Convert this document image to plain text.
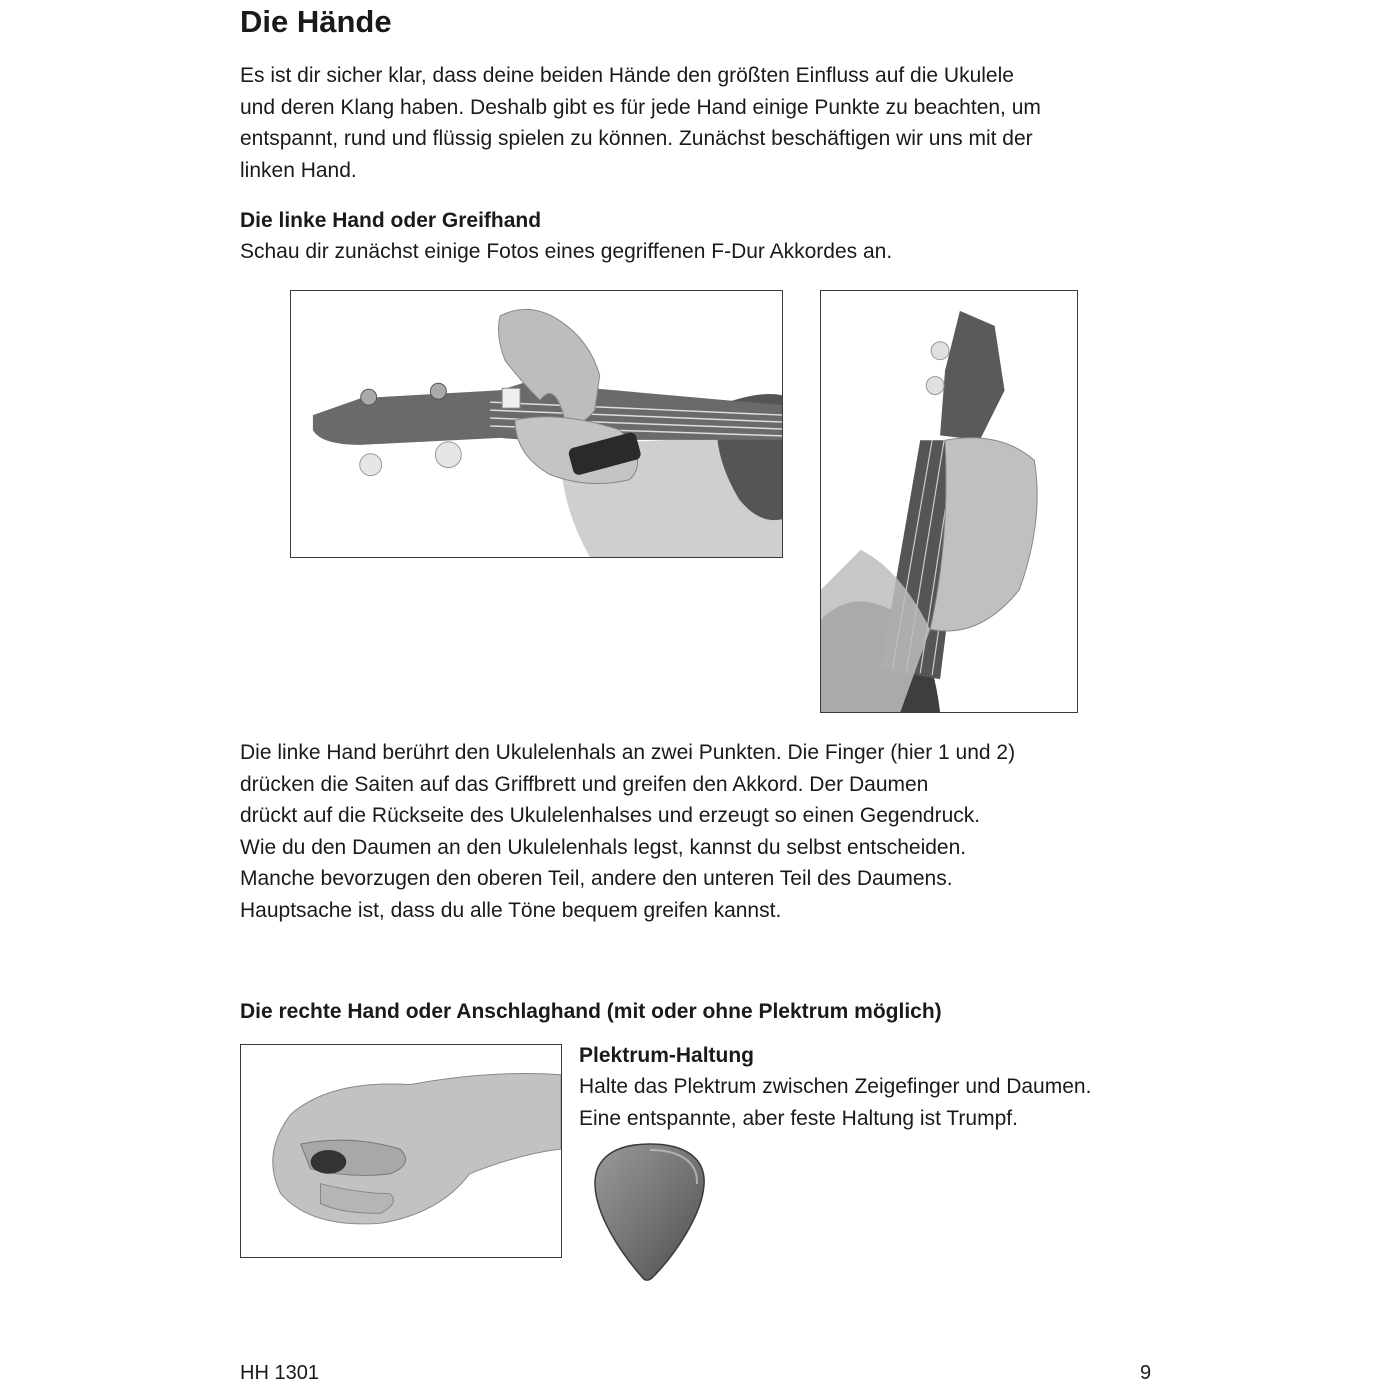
Die Hände

Es ist dir sicher klar, dass deine beiden Hände den größten Einfluss auf die Ukulele
und deren Klang haben. Deshalb gibt es für jede Hand einige Punkte zu beachten, um
entspannt, rund und flüssig spielen zu können. Zunächst beschäftigen wir uns mit der
linken Hand.

Die linke Hand oder Greifhand

Schau dir zunächst einige Fotos eines gegriffenen F-Dur Akkordes an.

Die linke Hand berührt den Ukulelenhals an zwei Punkten. Die Finger (hier 1 und 2)
drücken die Saiten auf das Griffbrett und greifen den Akkord. Der Daumen
drückt auf die Rückseite des Ukulelenhalses und erzeugt so einen Gegendruck.
Wie du den Daumen an den Ukulelenhals legst, kannst du selbst entscheiden.
Manche bevorzugen den oberen Teil, andere den unteren Teil des Daumens.
Hauptsache ist, dass du alle Töne bequem greifen kannst.

Die rechte Hand oder Anschlaghand (mit oder ohne Plektrum möglich)
Plektrum-Haltung

Halte das Plektrum zwischen Zeigefinger und Daumen.
Eine entspannte, aber feste Haltung ist Trumpf.

HH 1301	9
